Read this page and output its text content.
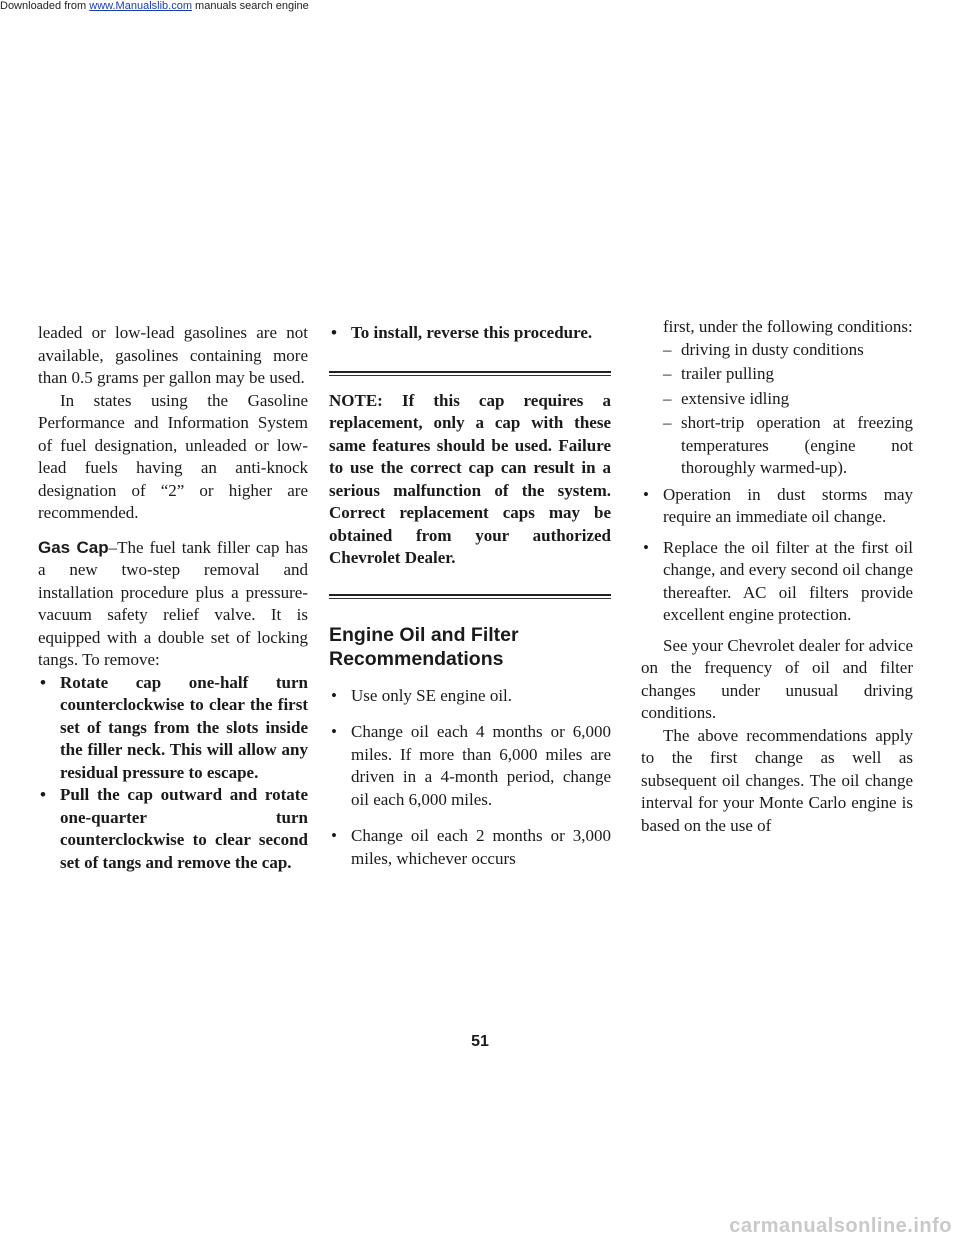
Downloaded from www.Manualslib.com manuals search engine

leaded or low-lead gasolines are not available, gasolines containing more than 0.5 grams per gallon may be used.

In states using the Gasoline Performance and Information System of fuel designation, unleaded or low-lead fuels having an anti-knock designation of “2” or higher are recommended.

Gas Cap–The fuel tank filler cap has a new two-step removal and installation procedure plus a pressure-vacuum safety relief valve. It is equipped with a double set of locking tangs. To remove:

• Rotate cap one-half turn counterclockwise to clear the first set of tangs from the slots inside the filler neck. This will allow any residual pressure to escape.
• Pull the cap outward and rotate one-quarter turn counterclockwise to clear second set of tangs and remove the cap.
• To install, reverse this procedure.

NOTE: If this cap requires a replacement, only a cap with these same features should be used. Failure to use the correct cap can result in a serious malfunction of the system. Correct replacement caps may be obtained from your authorized Chevrolet Dealer.

Engine Oil and Filter Recommendations
• Use only SE engine oil.
• Change oil each 4 months or 6,000 miles. If more than 6,000 miles are driven in a 4-month period, change oil each 6,000 miles.
• Change oil each 2 months or 3,000 miles, whichever occurs

first, under the following conditions:

– driving in dusty conditions
– trailer pulling
– extensive idling
– short-trip operation at freezing temperatures (engine not thoroughly warmed-up).
• Operation in dust storms may require an immediate oil change.
• Replace the oil filter at the first oil change, and every second oil change thereafter. AC oil filters provide excellent engine protection.

See your Chevrolet dealer for advice on the frequency of oil and filter changes under unusual driving conditions.

The above recommendations apply to the first change as well as subsequent oil changes. The oil change interval for your Monte Carlo engine is based on the use of

51
carmanualsonline.info
